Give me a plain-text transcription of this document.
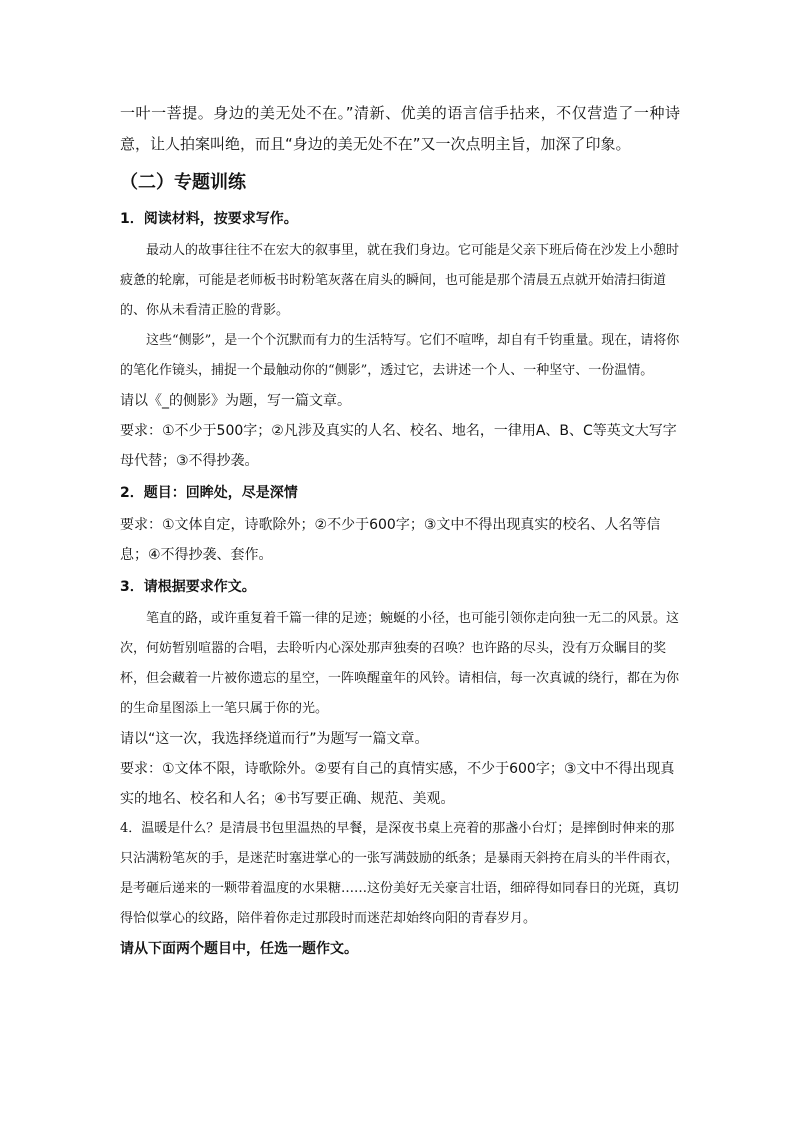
一叶一菩提。身边的美无处不在。”清新、优美的语言信手拈来，不仅营造了一种诗意，让人拍案叫绝，而且“身边的美无处不在”又一次点明主旨，加深了印象。

（二）专题训练

1．阅读材料，按要求写作。

最动人的故事往往不在宏大的叙事里，就在我们身边。它可能是父亲下班后倚在沙发上小憩时疲惫的轮廓，可能是老师板书时粉笔灰落在肩头的瞬间，也可能是那个清晨五点就开始清扫街道的、你从未看清正脸的背影。

这些“侧影”，是一个个沉默而有力的生活特写。它们不喧哗，却自有千钧重量。现在，请将你的笔化作镜头，捕捉一个最触动你的“侧影”，透过它，去讲述一个人、一种坚守、一份温情。

请以《_的侧影》为题，写一篇文章。

要求：①不少于500字；②凡涉及真实的人名、校名、地名，一律用A、B、C等英文大写字母代替；③不得抄袭。

2．题目：回眸处，尽是深情

要求：①文体自定，诗歌除外；②不少于600字；③文中不得出现真实的校名、人名等信息；④不得抄袭、套作。

3．请根据要求作文。

笔直的路，或许重复着千篇一律的足迹；蜿蜒的小径，也可能引领你走向独一无二的风景。这次，何妨暂别喧嚣的合唱，去聆听内心深处那声独奏的召唤？也许路的尽头，没有万众瞩目的奖杯，但会藏着一片被你遗忘的星空，一阵唤醒童年的风铃。请相信，每一次真诚的绕行，都在为你的生命星图添上一笔只属于你的光。

请以“这一次，我选择绕道而行”为题写一篇文章。

要求：①文体不限，诗歌除外。②要有自己的真情实感，不少于600字；③文中不得出现真实的地名、校名和人名；④书写要正确、规范、美观。

4．温暖是什么？是清晨书包里温热的早餐，是深夜书桌上亮着的那盏小台灯；是摔倒时伸来的那只沾满粉笔灰的手，是迷茫时塞进掌心的一张写满鼓励的纸条；是暴雨天斜挎在肩头的半件雨衣，是考砸后递来的一颗带着温度的水果糖……这份美好无关豪言壮语，细碎得如同春日的光斑，真切得恰似掌心的纹路，陪伴着你走过那段时而迷茫却始终向阳的青春岁月。

请从下面两个题目中，任选一题作文。
